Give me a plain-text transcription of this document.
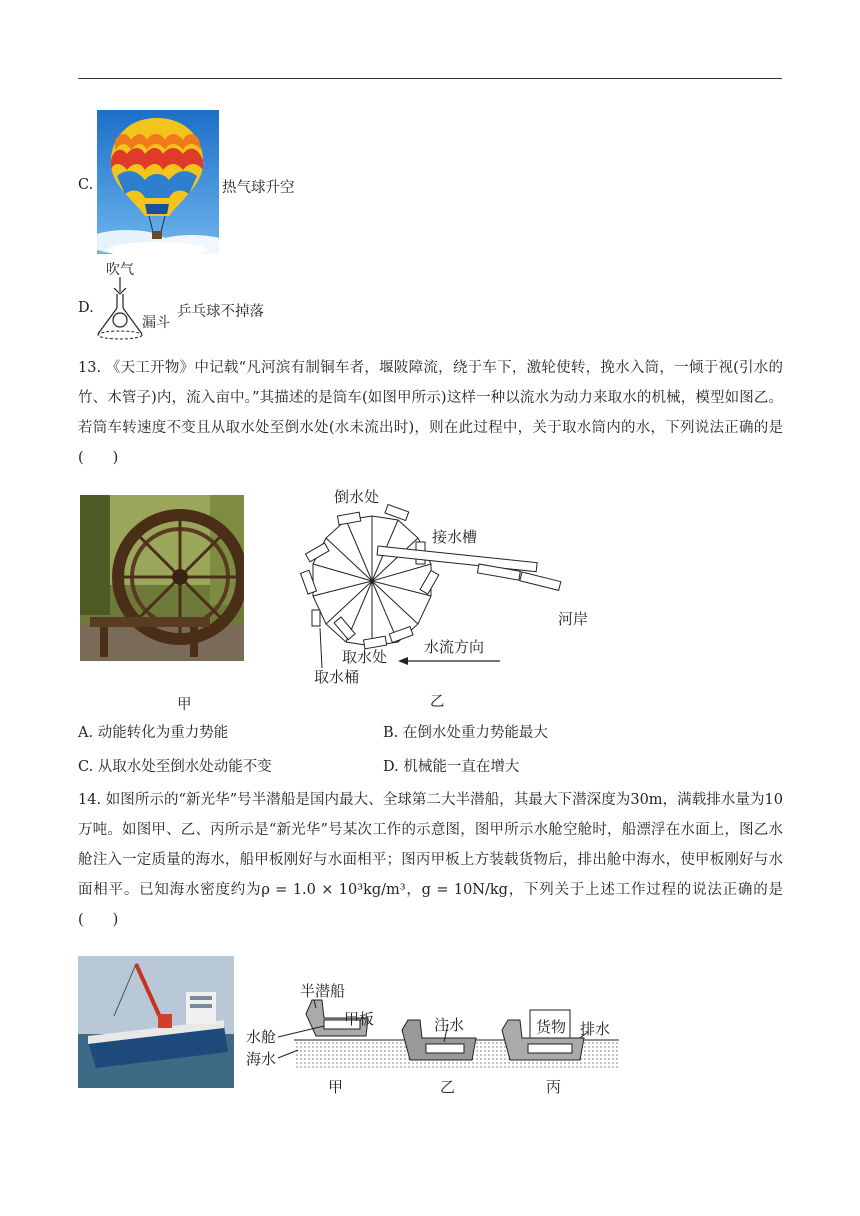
C.	热气球升空
D.
吹气
漏斗
乒乓球不掉落
13. 《天工开物》中记载“凡河滨有制铜车者，堰陂障流，绕于车下，激轮使转，挽水入筒，一倾于视(引水的竹、木管子)内，流入亩中。”其描述的是筒车(如图甲所示)这样一种以流水为动力来取水的机械，模型如图乙。若筒车转速度不变且从取水处至倒水处(水未流出时)，则在此过程中，关于取水筒内的水，下列说法正确的是(  )
甲
倒水处
接水槽
河岸
水流方向
取水处
取水桶
乙
A. 动能转化为重力势能	B. 在倒水处重力势能最大
C. 从取水处至倒水处动能不变	D. 机械能一直在增大
14. 如图所示的“新光华”号半潜船是国内最大、全球第二大半潜船，其最大下潜深度为30m，满载排水量为10万吨。如图甲、乙、丙所示是“新光华”号某次工作的示意图，图甲所示水舱空舱时，船漂浮在水面上，图乙水舱注入一定质量的海水，船甲板刚好与水面相平；图丙甲板上方装载货物后，排出舱中海水，使甲板刚好与水面相平。已知海水密度约为ρ = 1.0 × 10³kg/m³，g = 10N/kg，下列关于上述工作过程的说法正确的是(  )
半潜船
甲板
水舱
海水
注水	货物 排水
甲	乙	丙
